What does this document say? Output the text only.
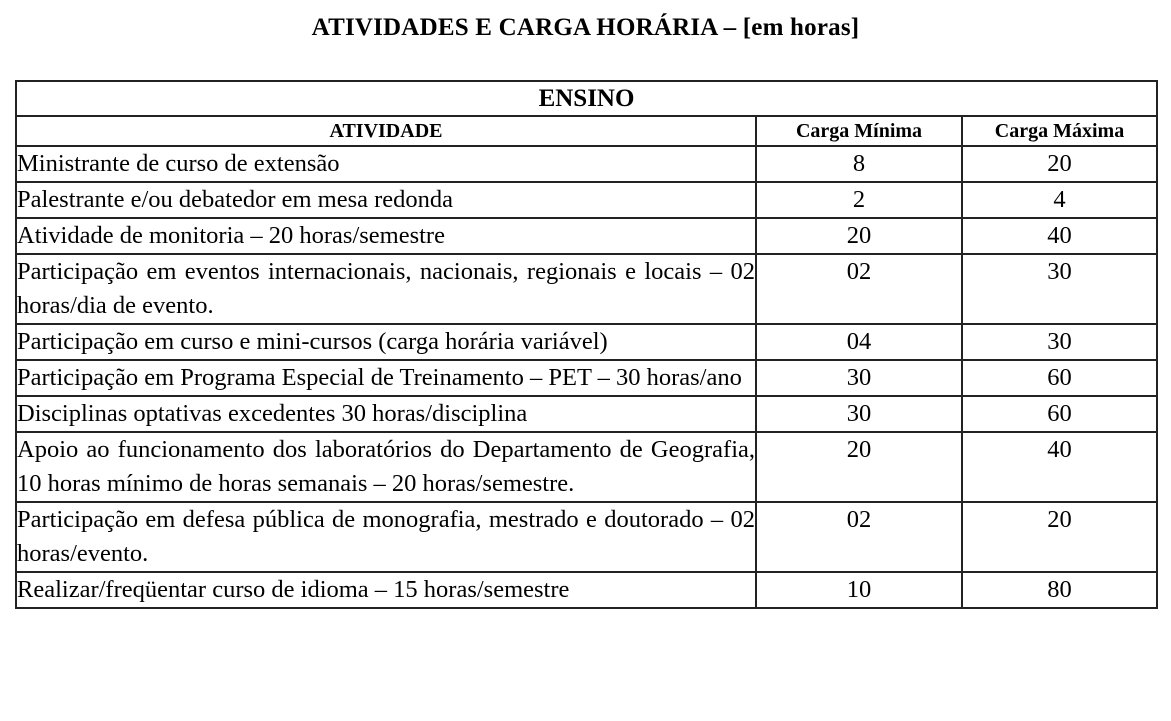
ATIVIDADES E CARGA HORÁRIA – [em horas]
ENSINO		
ATIVIDADE	Carga Mínima	Carga Máxima
Ministrante de curso de extensão	8	20
Palestrante e/ou debatedor em mesa redonda	2	4
Atividade de monitoria – 20 horas/semestre	20	40
Participação em eventos internacionais, nacionais, regionais e locais – 02 horas/dia de evento.	02	30
Participação em curso e mini-cursos (carga horária variável)	04	30
Participação em Programa Especial de Treinamento – PET – 30 horas/ano	30	60
Disciplinas optativas excedentes 30 horas/disciplina	30	60
Apoio ao funcionamento dos laboratórios do Departamento de Geografia, 10 horas mínimo de horas semanais – 20 horas/semestre.	20	40
Participação em defesa pública de monografia, mestrado e doutorado – 02 horas/evento.	02	20
Realizar/freqüentar curso de idioma – 15 horas/semestre	10	80
